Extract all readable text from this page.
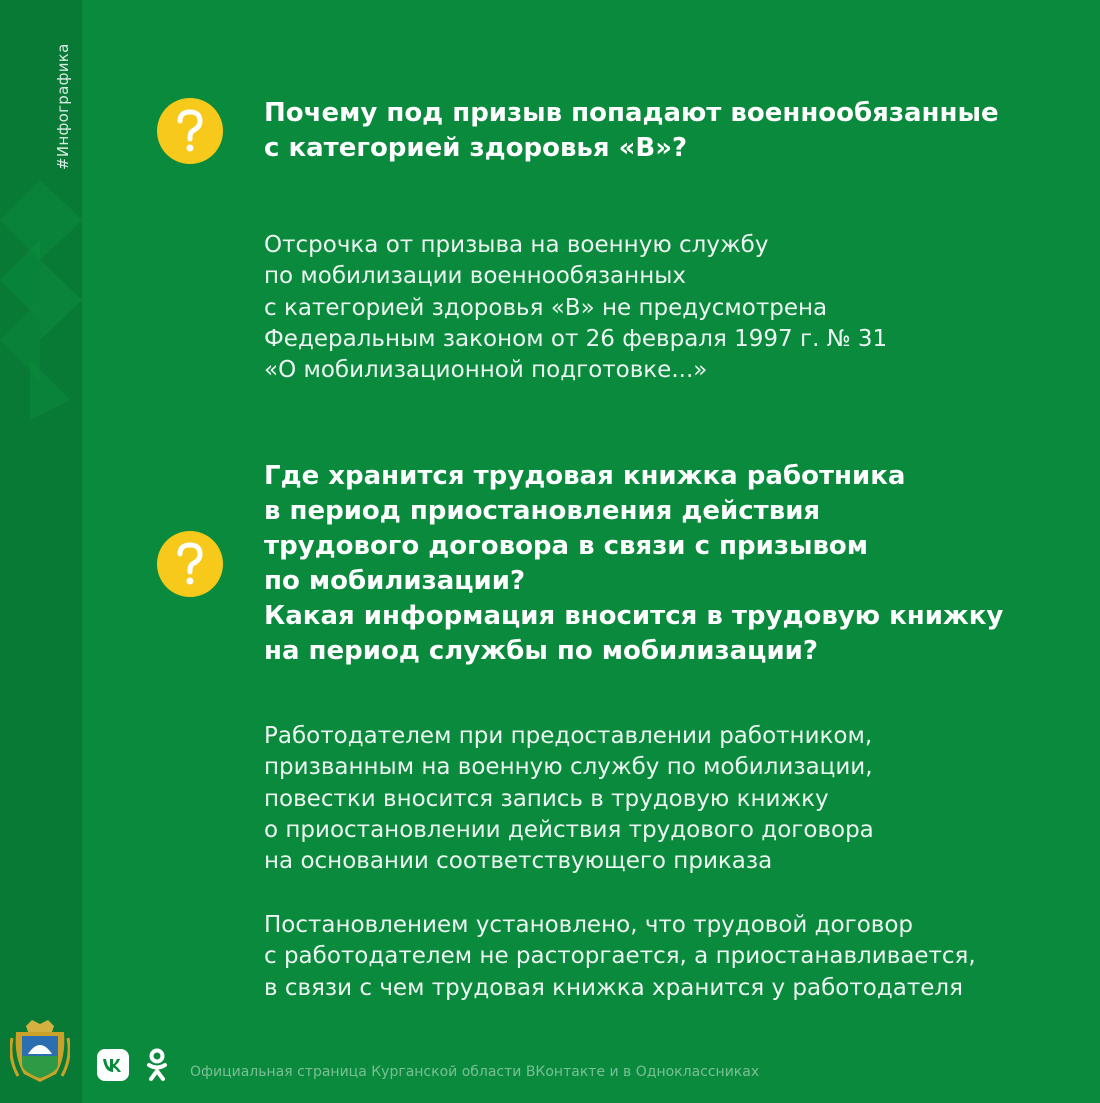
#Инфографика	Почему под призыв попадают военнообязанные
с категорией здоровья «В»?

Отсрочка от призыва на военную службу
по мобилизации военнообязанных
с категорией здоровья «В» не предусмотрена
Федеральным законом от 26 февраля 1997 г. № 31
«О мобилизационной подготовке...»

Где хранится трудовая книжка работника
в период приостановления действия
трудового договора в связи с призывом
по мобилизации?
Какая информация вносится в трудовую книжку
на период службы по мобилизации?

Работодателем при предоставлении работником,
призванным на военную службу по мобилизации,
повестки вносится запись в трудовую книжку
о приостановлении действия трудового договора
на основании соответствующего приказа

Постановлением установлено, что трудовой договор
с работодателем не расторгается, а приостанавливается,
в связи с чем трудовая книжка хранится у работодателя

Официальная страница Курганской области ВКонтакте и в Одноклассниках
